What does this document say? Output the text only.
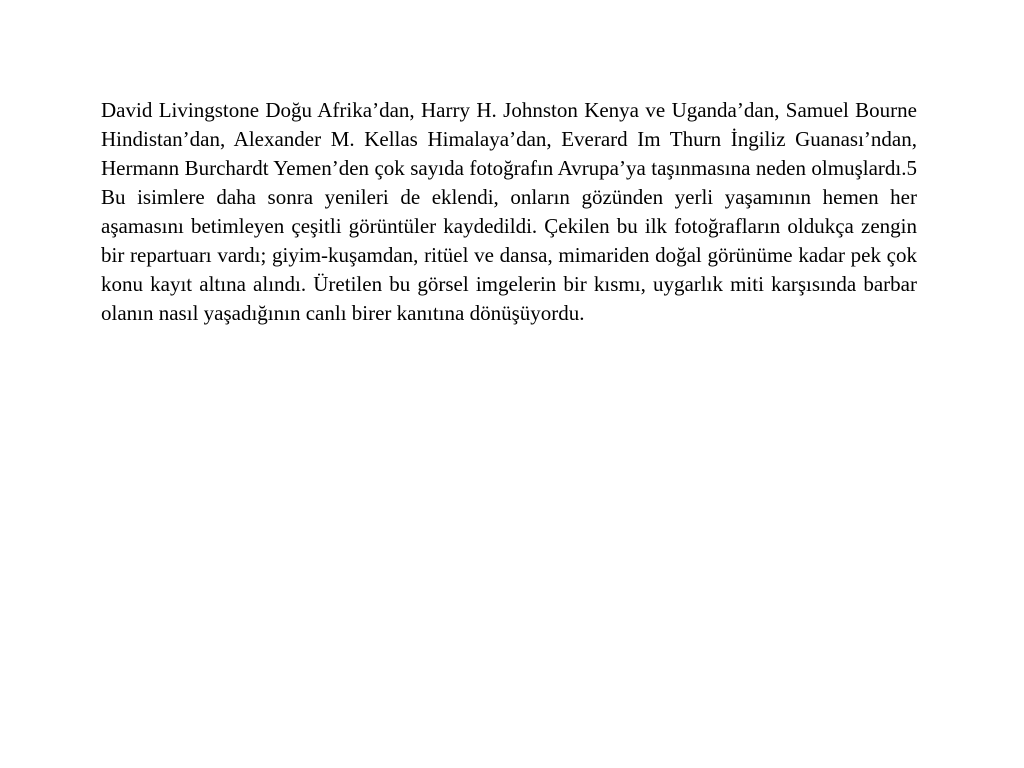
David Livingstone Doğu Afrika’dan, Harry H. Johnston Kenya ve Uganda’dan, Samuel Bourne Hindistan’dan, Alexander M. Kellas Himalaya’dan, Everard Im Thurn İngiliz Guanası’ndan, Hermann Burchardt Yemen’den çok sayıda fotoğrafın Avrupa’ya taşınmasına neden olmuşlardı.5 Bu isimlere daha sonra yenileri de eklendi, onların gözünden yerli yaşamının hemen her aşamasını betimleyen çeşitli görüntüler kaydedildi. Çekilen bu ilk fotoğrafların oldukça zengin bir repartuarı vardı; giyim-kuşamdan, ritüel ve dansa, mimariden doğal görünüme kadar pek çok konu kayıt altına alındı. Üretilen bu görsel imgelerin bir kısmı, uygarlık miti karşısında barbar olanın nasıl yaşadığının canlı birer kanıtına dönüşüyordu.
